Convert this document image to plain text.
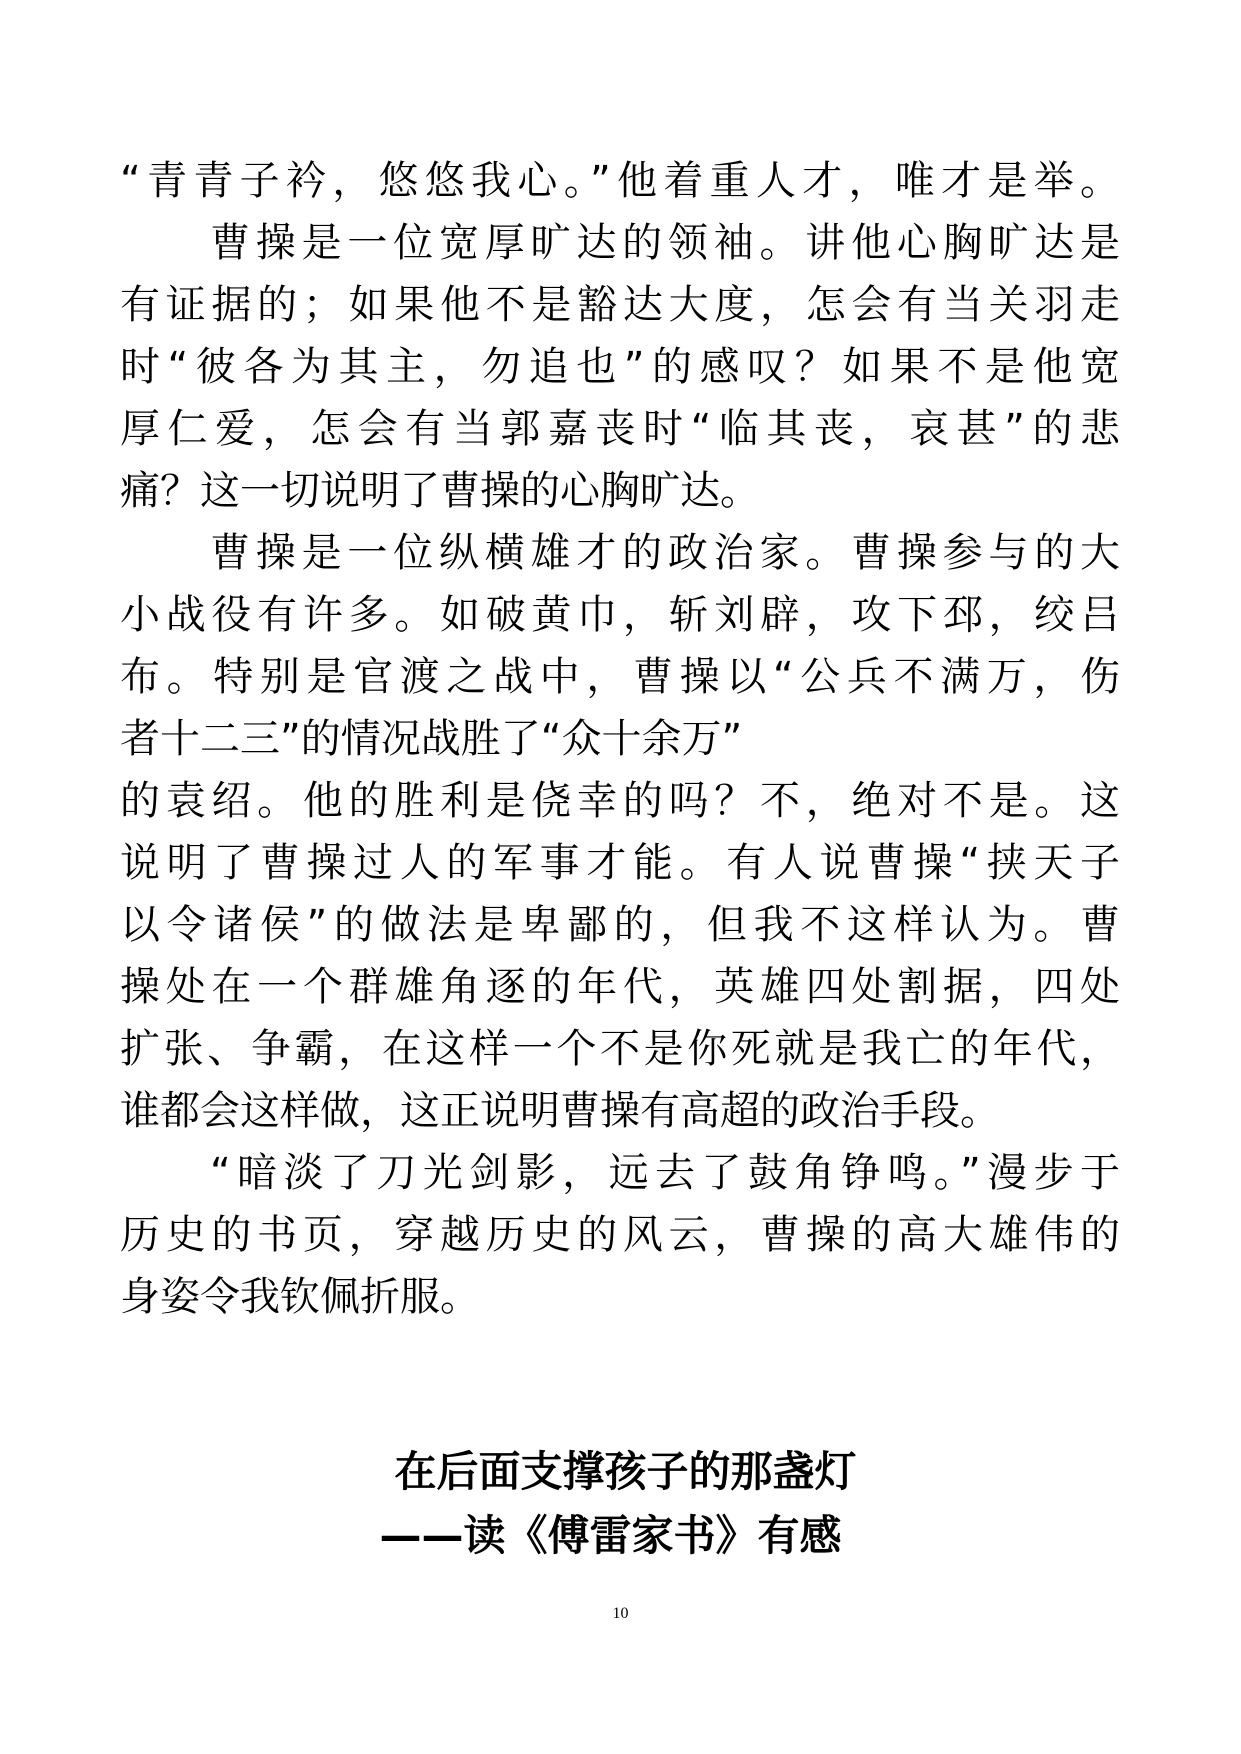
“青青子衿，悠悠我心。”他着重人才，唯才是举。
曹操是一位宽厚旷达的领袖。讲他心胸旷达是
有证据的；如果他不是豁达大度，怎会有当关羽走
时“彼各为其主，勿追也”的感叹？如果不是他宽
厚仁爱，怎会有当郭嘉丧时“临其丧，哀甚”的悲
痛？这一切说明了曹操的心胸旷达。
曹操是一位纵横雄才的政治家。曹操参与的大
小战役有许多。如破黄巾，斩刘辟，攻下邳，绞吕
布。特别是官渡之战中，曹操以“公兵不满万，伤
者十二三”的情况战胜了“众十余万”
的袁绍。他的胜利是侥幸的吗？不，绝对不是。这
说明了曹操过人的军事才能。有人说曹操“挟天子
以令诸侯”的做法是卑鄙的，但我不这样认为。曹
操处在一个群雄角逐的年代，英雄四处割据，四处
扩张、争霸，在这样一个不是你死就是我亡的年代，
谁都会这样做，这正说明曹操有高超的政治手段。
“暗淡了刀光剑影，远去了鼓角铮鸣。”漫步于
历史的书页，穿越历史的风云，曹操的高大雄伟的
身姿令我钦佩折服。
在后面支撑孩子的那盏灯
——读《傅雷家书》有感
10
